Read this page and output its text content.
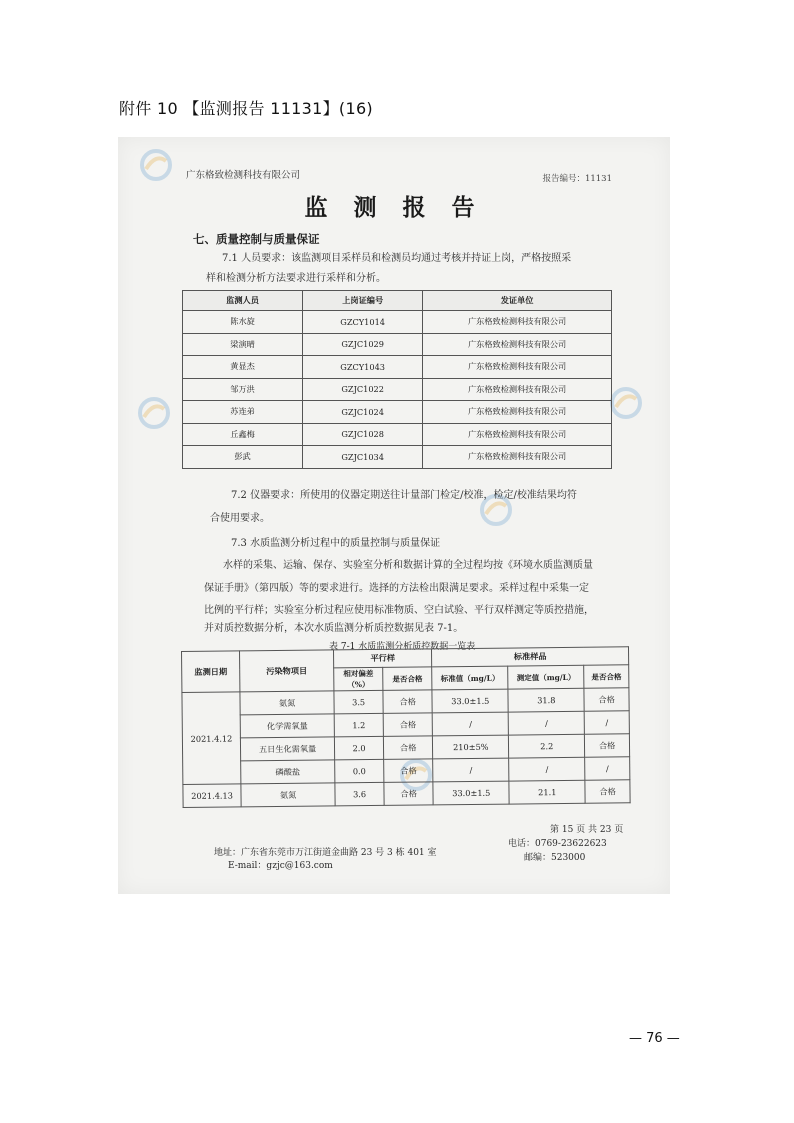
附件 10 【监测报告 11131】(16)
广东格致检测科技有限公司	报告编号：11131
监 测 报 告
七、质量控制与质量保证
7.1 人员要求：该监测项目采样员和检测员均通过考核并持证上岗，严格按照采
样和检测分析方法要求进行采样和分析。
监测人员	上岗证编号	发证单位
陈水旋	GZCY1014	广东格致检测科技有限公司
梁演晴	GZJC1029	广东格致检测科技有限公司
黄显杰	GZCY1043	广东格致检测科技有限公司
邹万洪	GZJC1022	广东格致检测科技有限公司
苏连弟	GZJC1024	广东格致检测科技有限公司
丘鑫梅	GZJC1028	广东格致检测科技有限公司
彭武	GZJC1034	广东格致检测科技有限公司
7.2 仪器要求：所使用的仪器定期送往计量部门检定/校准，检定/校准结果均符
合使用要求。
7.3 水质监测分析过程中的质量控制与质量保证
水样的采集、运输、保存、实验室分析和数据计算的全过程均按《环境水质监测质量
保证手册》（第四版）等的要求进行。选择的方法检出限满足要求。采样过程中采集一定
比例的平行样；实验室分析过程应使用标准物质、空白试验、平行双样测定等质控措施，
并对质控数据分析，本次水质监测分析质控数据见表 7-1。
表 7-1 水质监测分析质控数据一览表
监测日期	污染物项目	平行样		标准样品		
		相对偏差（%）	是否合格	标准值（mg/L）	测定值（mg/L）	是否合格
2021.4.12	氨氮	3.5	合格	33.0±1.5	31.8	合格
	化学需氧量	1.2	合格	/	/	/
	五日生化需氧量	2.0	合格	210±5%	2.2	合格
	磷酸盐	0.0	合格	/	/	/
2021.4.13	氨氮	3.6	合格	33.0±1.5	21.1	合格
第 15 页 共 23 页
地址：广东省东莞市万江街道金曲路 23 号 3 栋 401 室
E-mail：gzjc@163.com
电话：0769-23622623
邮编：523000
— 76 —
